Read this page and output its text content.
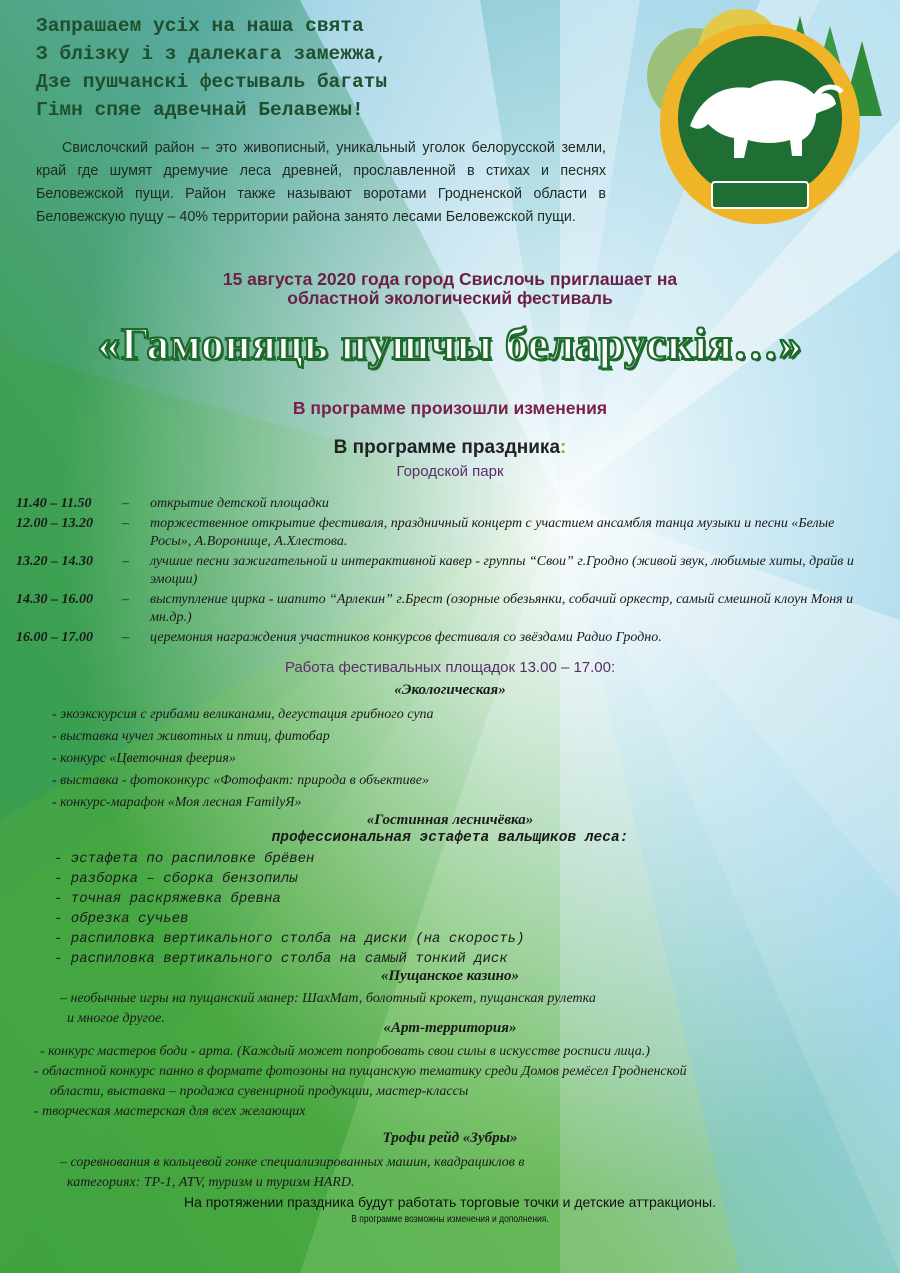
Запрашаем усіх на наша свята
З блізку і з далекага замежжа,
Дзе пушчанскі фестываль багаты
Гімн спяе адвечнай Белавежы!
Свислочский район – это живописный, уникальный уголок белорусской земли, край где шумят дремучие леса древней, прославленной в стихах и песнях Беловежской пущи. Район также называют воротами Гродненской области в Беловежскую пущу – 40% территории района занято лесами Беловежской пущи.
15 августа 2020 года город Свислочь приглашает на
областной экологический фестиваль
«Гамоняць пушчы беларускія…»
В программе произошли изменения
В программе праздника:
Городской парк
11.40 – 11.50	–	открытие детской площадки
12.00 – 13.20	–	торжественное открытие фестиваля, праздничный концерт с участием ансамбля танца музыки и песни «Белые Росы», А.Воронище, А.Хлестова.
13.20 – 14.30	–	лучшие песни зажигательной и интерактивной кавер - группы “Свои” г.Гродно (живой звук, любимые хиты, драйв и эмоции)
14.30 – 16.00	–	выступление цирка - шапито “Арлекин” г.Брест (озорные обезьянки, собачий оркестр, самый смешной клоун Моня и мн.др.)
16.00 – 17.00	–	церемония награждения участников конкурсов фестиваля со звёздами Радио Гродно.
Работа фестивальных площадок 13.00 – 17.00:
«Экологическая»
- экоэкскурсия с грибами великанами, дегустация грибного супа
- выставка чучел животных и птиц, фитобар
- конкурс «Цветочная феерия»
- выставка - фотоконкурс «Фотофакт: природа в объективе»
- конкурс-марафон «Моя лесная FamilyЯ»
«Гостинная лесничёвка»
профессиональная эстафета вальщиков леса:
- эстафета по распиловке брёвен
- разборка – сборка бензопилы
- точная раскряжевка бревна
- обрезка сучьев
- распиловка вертикального столба на диски (на скорость)
- распиловка вертикального столба на самый тонкий диск
«Пущанское казино»
– необычные игры на пущанский манер: ШахМат, болотный крокет, пущанская рулетка
и многое другое.
«Арт-территория»
- конкурс мастеров боди - арта. (Каждый может попробовать свои силы в искусстве росписи лица.)
- областной конкурс панно в формате фотозоны на пущанскую тематику среди Домов ремёсел Гродненской
области, выставка – продажа сувенирной продукции, мастер-классы
- творческая мастерская для всех желающих
Трофи рейд «Зубры»
– соревнования в кольцевой гонке специализированных машин, квадрациклов в
категориях: ТР-1, ATV, туризм и туризм HARD.
На протяжении праздника будут работать торговые точки и детские аттракционы.
В программе возможны изменения и дополнения.
